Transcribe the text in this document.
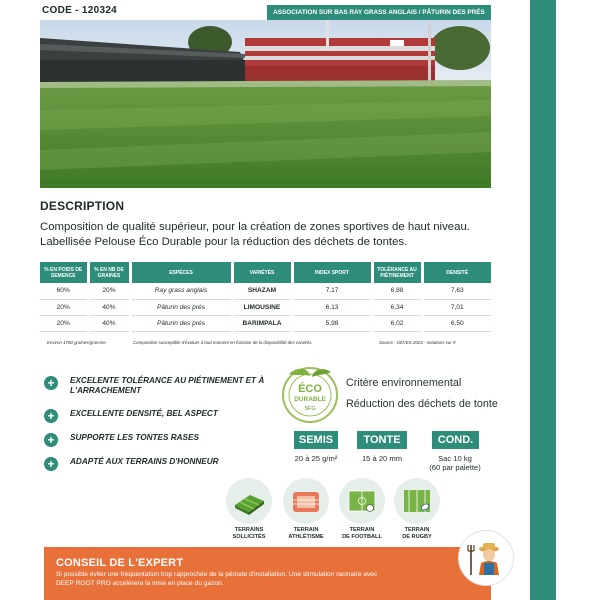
CODE - 120324	ASSOCIATION SUR BAS RAY GRASS ANGLAIS / PÂTURIN DES PRÉS
DESCRIPTION
Composition de qualité supérieur, pour la création de zones sportives de haut niveau.
Labellisée Pelouse Éco Durable pour la réduction des déchets de tontes.
% EN POIDS DE SEMENCE	% EN NB DE GRAINES	ESPÈCES	VARIÉTÉS	INDEX SPORT	TOLÉRANCE AU PIÉTINEMENT	DENSITÉ
60%	20%	Ray grass anglais	SHAZAM	7,17	6,88	7,63
20%	40%	Pâturin des prés	LIMOUSINE	6,13	6,34	7,01
20%	40%	Pâturin des prés	BARIMPALA	5,98	6,02	6,50
Environ 1780 graines/gramme	Composition susceptible d'évoluer à tout moment en fonction de la disponibilité des variétés.	Source : GEVES 2023 - notations sur 9
+	EXCELENTE TOLÉRANCE AU PIÉTINEMENT ET À L'ARRACHEMENT
+	EXCELLENTE DENSITÉ, BEL ASPECT
+	SUPPORTE LES TONTES RASES
+	ADAPTÉ AUX TERRAINS D'HONNEUR
ÉCO
DURABLE
SFG
Critère environnemental
Réduction des déchets de tonte
SEMIS	TONTE	COND.
20 à 25 g/m²	15 à 20 mm	Sac 10 kg
(60 par palette)
TERRAINS
SOLLICITÉS
TERRAIN
ATHLÉTISME
TERRAIN
DE FOOTBALL
TERRAIN
DE RUGBY
CONSEIL DE L'EXPERT
Si possible éviter une fréquentation trop rapprochée de la période d'installation. Une stimulation racinaire avec
DEEP ROOT PRO accélèrera la mise en place du gazon.
